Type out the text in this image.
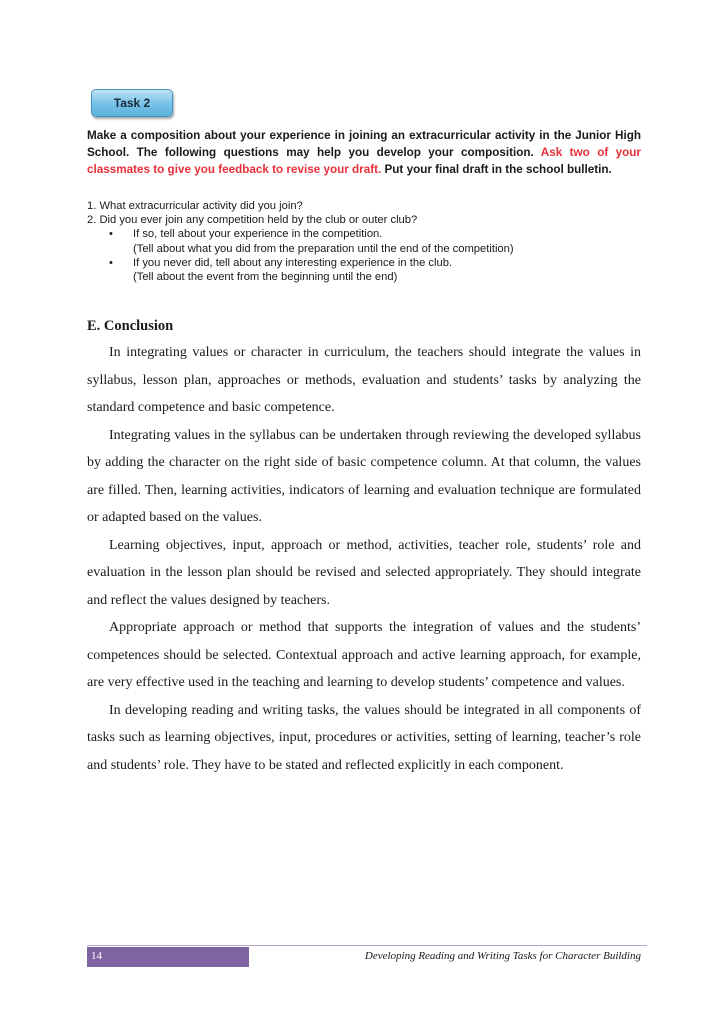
Task 2

Make a composition about your experience in joining an extracurricular activity in the Junior High School. The following questions may help you develop your composition. Ask two of your classmates to give you feedback to revise your draft. Put your final draft in the school bulletin.

1. What extracurricular activity did you join?

2. Did you ever join any competition held by the club or outer club?

• If so, tell about your experience in the competition.
(Tell about what you did from the preparation until the end of the competition)
• If you never did, tell about any interesting experience in the club.
(Tell about the event from the beginning until the end)
E. Conclusion

In integrating values or character in curriculum, the teachers should integrate the values in syllabus, lesson plan, approaches or methods, evaluation and students’ tasks by analyzing the standard competence and basic competence.

Integrating values in the syllabus can be undertaken through reviewing the developed syllabus by adding the character on the right side of basic competence column. At that column, the values are filled. Then, learning activities, indicators of learning and evaluation technique are formulated or adapted based on the values.

Learning objectives, input, approach or method, activities, teacher role, students’ role and evaluation in the lesson plan should be revised and selected appropriately. They should integrate and reflect the values designed by teachers.

Appropriate approach or method that supports the integration of values and the students’ competences should be selected. Contextual approach and active learning approach, for example, are very effective used in the teaching and learning to develop students’ competence and values.

In developing reading and writing tasks, the values should be integrated in all components of tasks such as learning objectives, input, procedures or activities, setting of learning, teacher’s role and students’ role. They have to be stated and reflected explicitly in each component.

14	Developing Reading and Writing Tasks for Character Building
